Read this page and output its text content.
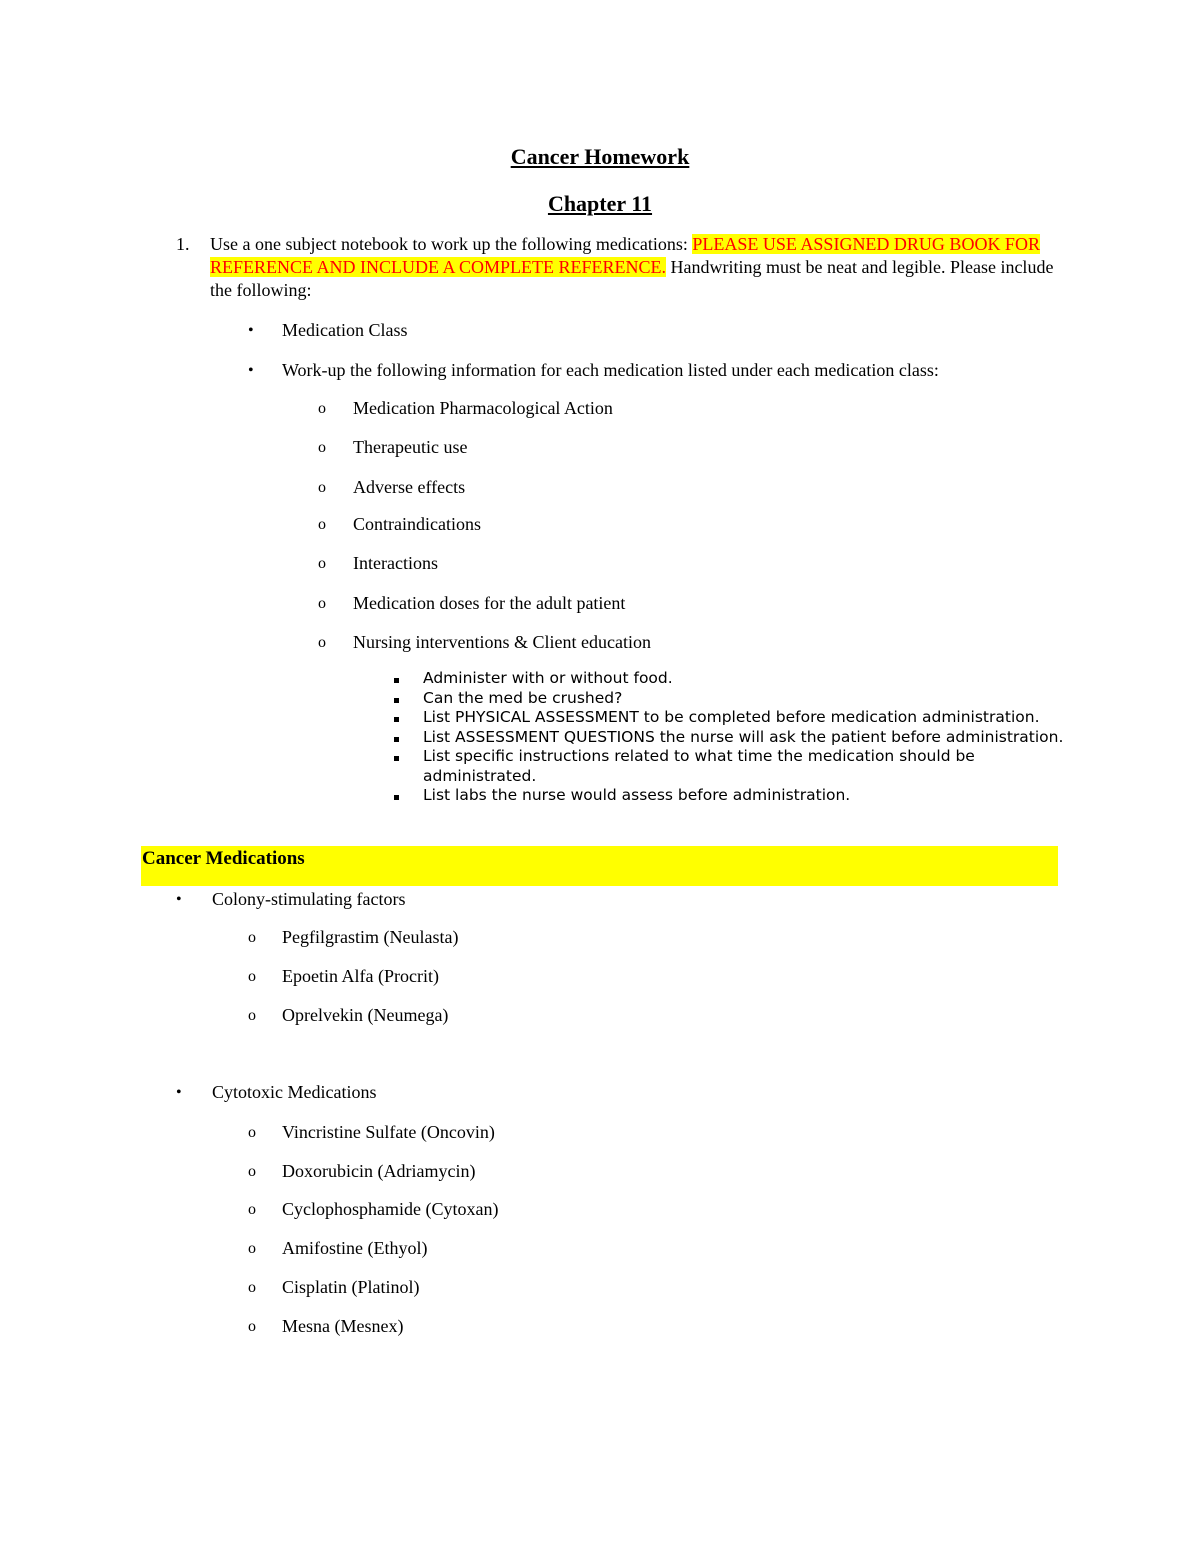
Cancer Homework
Chapter 11
1. Use a one subject notebook to work up the following medications: PLEASE USE ASSIGNED DRUG BOOK FOR REFERENCE AND INCLUDE A COMPLETE REFERENCE. Handwriting must be neat and legible. Please include the following:
• Medication Class
• Work-up the following information for each medication listed under each medication class:
o Medication Pharmacological Action
o Therapeutic use
o Adverse effects
o Contraindications
o Interactions
o Medication doses for the adult patient
o Nursing interventions & Client education
Administer with or without food.
Can the med be crushed?
List PHYSICAL ASSESSMENT to be completed before medication administration.
List ASSESSMENT QUESTIONS the nurse will ask the patient before administration.
List specific instructions related to what time the medication should be administrated.
List labs the nurse would assess before administration.
Cancer Medications
• Colony-stimulating factors
o Pegfilgrastim (Neulasta)
o Epoetin Alfa (Procrit)
o Oprelvekin (Neumega)
• Cytotoxic Medications
o Vincristine Sulfate (Oncovin)
o Doxorubicin (Adriamycin)
o Cyclophosphamide (Cytoxan)
o Amifostine (Ethyol)
o Cisplatin (Platinol)
o Mesna (Mesnex)
